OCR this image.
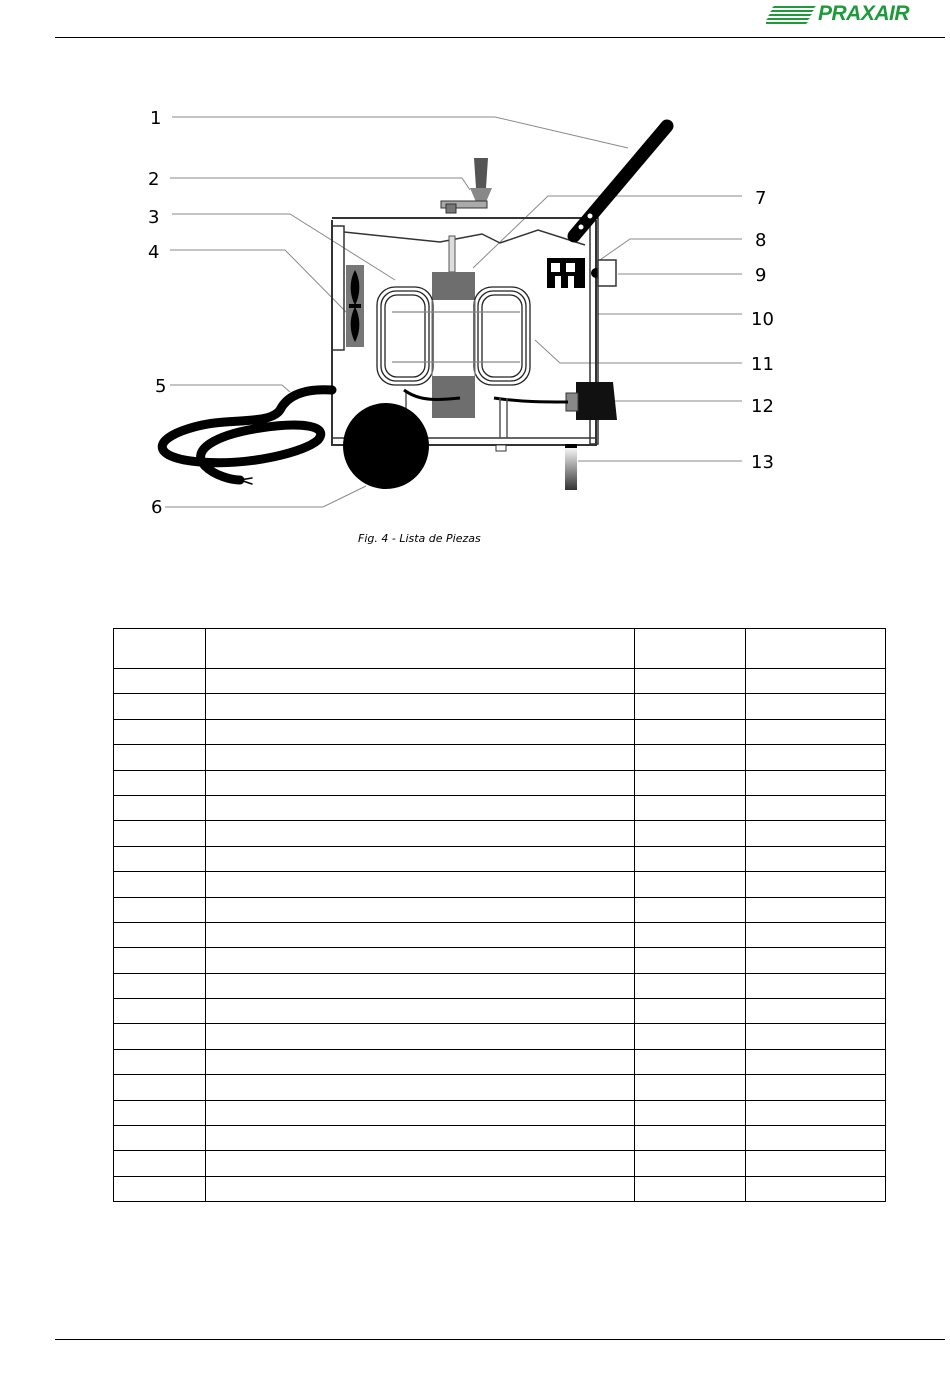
PRAXAIR
1
2
3
4
5
6
7
8
9
10
11
12
13
Fig. 4 - Lista de Piezas
